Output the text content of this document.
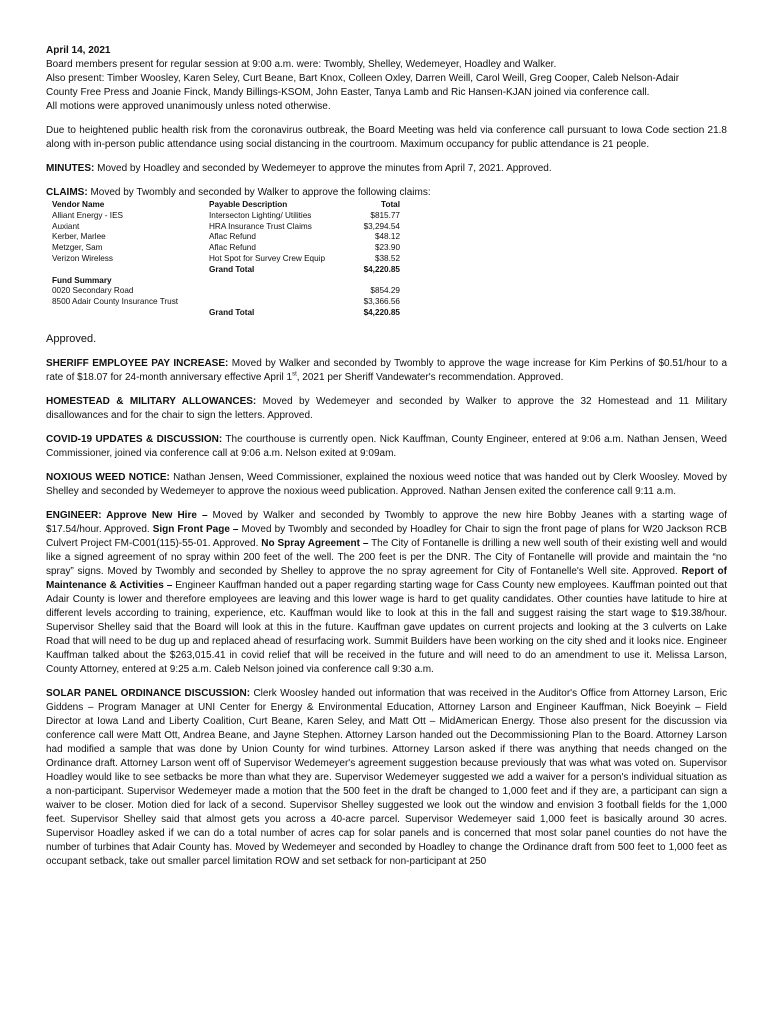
April 14, 2021
Board members present for regular session at 9:00 a.m. were: Twombly, Shelley, Wedemeyer, Hoadley and Walker.
Also present: Timber Woosley, Karen Seley, Curt Beane, Bart Knox, Colleen Oxley, Darren Weill, Carol Weill, Greg Cooper, Caleb Nelson-Adair
County Free Press and Joanie Finck, Mandy Billings-KSOM, John Easter, Tanya Lamb and Ric Hansen-KJAN joined via conference call.
All motions were approved unanimously unless noted otherwise.

Due to heightened public health risk from the coronavirus outbreak, the Board Meeting was held via conference call pursuant to Iowa Code section 21.8 along with in-person public attendance using social distancing in the courtroom. Maximum occupancy for public attendance is 21 people.

MINUTES: Moved by Hoadley and seconded by Wedemeyer to approve the minutes from April 7, 2021. Approved.

CLAIMS: Moved by Twombly and seconded by Walker to approve the following claims:

Vendor Name
Alliant Energy - IES
Auxiant
Kerber, Marlee
Metzger, Sam
Verizon Wireless

Fund Summary
0020 Secondary Road
8500 Adair County Insurance Trust
Payable Description
Intersecton Lighting/ Utilities
HRA Insurance Trust Claims
Aflac Refund
Aflac Refund
Hot Spot for Survey Crew Equip
Grand Total

Grand Total
Total
$815.77
$3,294.54
$48.12
$23.90
$38.52
$4,220.85

$854.29
$3,366.56
$4,220.85
Approved.

SHERIFF EMPLOYEE PAY INCREASE: Moved by Walker and seconded by Twombly to approve the wage increase for Kim Perkins of $0.51/hour to a rate of $18.07 for 24-month anniversary effective April 1st, 2021 per Sheriff Vandewater's recommendation. Approved.

HOMESTEAD & MILITARY ALLOWANCES: Moved by Wedemeyer and seconded by Walker to approve the 32 Homestead and 11 Military disallowances and for the chair to sign the letters. Approved.

COVID-19 UPDATES & DISCUSSION: The courthouse is currently open. Nick Kauffman, County Engineer, entered at 9:06 a.m. Nathan Jensen, Weed Commissioner, joined via conference call at 9:06 a.m. Nelson exited at 9:09am.

NOXIOUS WEED NOTICE: Nathan Jensen, Weed Commissioner, explained the noxious weed notice that was handed out by Clerk Woosley. Moved by Shelley and seconded by Wedemeyer to approve the noxious weed publication. Approved. Nathan Jensen exited the conference call 9:11 a.m.

ENGINEER: Approve New Hire – Moved by Walker and seconded by Twombly to approve the new hire Bobby Jeanes with a starting wage of $17.54/hour. Approved. Sign Front Page – Moved by Twombly and seconded by Hoadley for Chair to sign the front page of plans for W20 Jackson RCB Culvert Project FM-C001(115)-55-01. Approved. No Spray Agreement – The City of Fontanelle is drilling a new well south of their existing well and would like a signed agreement of no spray within 200 feet of the well. The 200 feet is per the DNR. The City of Fontanelle will provide and maintain the “no spray” signs. Moved by Twombly and seconded by Shelley to approve the no spray agreement for City of Fontanelle's Well site. Approved. Report of Maintenance & Activities – Engineer Kauffman handed out a paper regarding starting wage for Cass County new employees. Kauffman pointed out that Adair County is lower and therefore employees are leaving and this lower wage is hard to get quality candidates. Other counties have latitude to hire at different levels according to training, experience, etc. Kauffman would like to look at this in the fall and suggest raising the start wage to $19.38/hour. Supervisor Shelley said that the Board will look at this in the future. Kauffman gave updates on current projects and looking at the 3 culverts on Lake Road that will need to be dug up and replaced ahead of resurfacing work. Summit Builders have been working on the city shed and it looks nice. Engineer Kauffman talked about the $263,015.41 in covid relief that will be received in the future and will need to do an amendment to use it. Melissa Larson, County Attorney, entered at 9:25 a.m. Caleb Nelson joined via conference call 9:30 a.m.

SOLAR PANEL ORDINANCE DISCUSSION: Clerk Woosley handed out information that was received in the Auditor's Office from Attorney Larson, Eric Giddens – Program Manager at UNI Center for Energy & Environmental Education, Attorney Larson and Engineer Kauffman, Nick Boeyink – Field Director at Iowa Land and Liberty Coalition, Curt Beane, Karen Seley, and Matt Ott – MidAmerican Energy. Those also present for the discussion via conference call were Matt Ott, Andrea Beane, and Jayne Stephen. Attorney Larson handed out the Decommissioning Plan to the Board. Attorney Larson had modified a sample that was done by Union County for wind turbines. Attorney Larson asked if there was anything that needs changed on the Ordinance draft. Attorney Larson went off of Supervisor Wedemeyer's agreement suggestion because previously that was what was voted on. Supervisor Hoadley would like to see setbacks be more than what they are. Supervisor Wedemeyer suggested we add a waiver for a person's individual situation as a non-participant. Supervisor Wedemeyer made a motion that the 500 feet in the draft be changed to 1,000 feet and if they are, a participant can sign a waiver to be closer. Motion died for lack of a second. Supervisor Shelley suggested we look out the window and envision 3 football fields for the 1,000 feet. Supervisor Shelley said that almost gets you across a 40-acre parcel. Supervisor Wedemeyer said 1,000 feet is basically around 30 acres. Supervisor Hoadley asked if we can do a total number of acres cap for solar panels and is concerned that most solar panel counties do not have the number of turbines that Adair County has. Moved by Wedemeyer and seconded by Hoadley to change the Ordinance draft from 500 feet to 1,000 feet as occupant setback, take out smaller parcel limitation ROW and set setback for non-participant at 250
